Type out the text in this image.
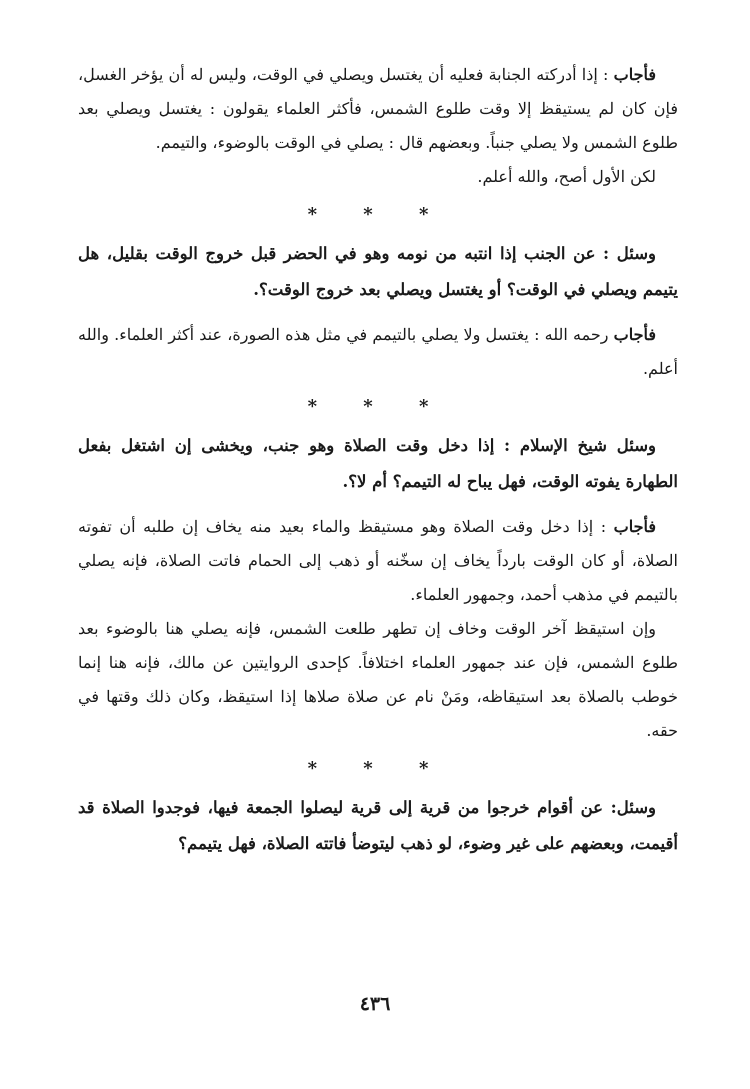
فأجاب : إذا أدركته الجنابة فعليه أن يغتسل ويصلي في الوقت، وليس له أن يؤخر الغسل، فإن كان لم يستيقظ إلا وقت طلوع الشمس، فأكثر العلماء يقولون : يغتسل ويصلي بعد طلوع الشمس ولا يصلي جنباً. وبعضهم قال : يصلي في الوقت بالوضوء، والتيمم.

لكن الأول أصح، والله أعلم.

* * *

وسئل : عن الجنب إذا انتبه من نومه وهو في الحضر قبل خروج الوقت بقليل، هل يتيمم ويصلي في الوقت؟ أو يغتسل ويصلي بعد خروج الوقت؟.

فأجاب رحمه الله : يغتسل ولا يصلي بالتيمم في مثل هذه الصورة، عند أكثر العلماء. والله أعلم.

* * *

وسئل شيخ الإسلام : إذا دخل وقت الصلاة وهو جنب، ويخشى إن اشتغل بفعل الطهارة يفوته الوقت، فهل يباح له التيمم؟ أم لا؟.

فأجاب : إذا دخل وقت الصلاة وهو مستيقظ والماء بعيد منه يخاف إن طلبه أن تفوته الصلاة، أو كان الوقت بارداً يخاف إن سخّنه أو ذهب إلى الحمام فاتت الصلاة، فإنه يصلي بالتيمم في مذهب أحمد، وجمهور العلماء.

وإن استيقظ آخر الوقت وخاف إن تطهر طلعت الشمس، فإنه يصلي هنا بالوضوء بعد طلوع الشمس، فإن عند جمهور العلماء اختلافاً. كإحدى الروايتين عن مالك، فإنه هنا إنما خوطب بالصلاة بعد استيقاظه، ومَنْ نام عن صلاة صلاها إذا استيقظ، وكان ذلك وقتها في حقه.

* * *

وسئل: عن أقوام خرجوا من قرية إلى قرية ليصلوا الجمعة فيها، فوجدوا الصلاة قد أقيمت، وبعضهم على غير وضوء، لو ذهب ليتوضأ فاتته الصلاة، فهل يتيمم؟

٤٣٦
